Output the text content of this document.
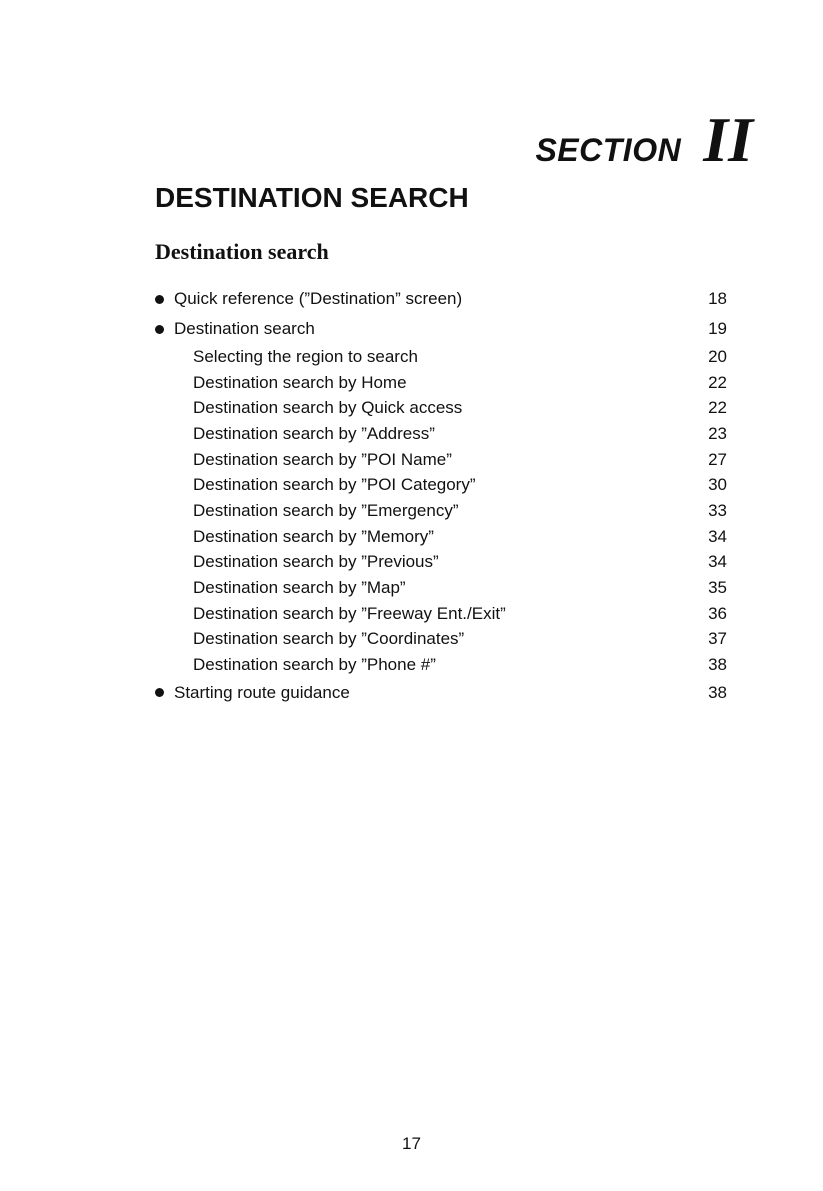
SECTION II
DESTINATION SEARCH
Destination search
Quick reference (”Destination” screen)	18
Destination search	19
Selecting the region to search	20
Destination search by Home	22
Destination search by Quick access	22
Destination search by ”Address”	23
Destination search by ”POI Name”	27
Destination search by ”POI Category”	30
Destination search by ”Emergency”	33
Destination search by ”Memory”	34
Destination search by ”Previous”	34
Destination search by ”Map”	35
Destination search by ”Freeway Ent./Exit”	36
Destination search by ”Coordinates”	37
Destination search by ”Phone #”	38
Starting route guidance	38
17
